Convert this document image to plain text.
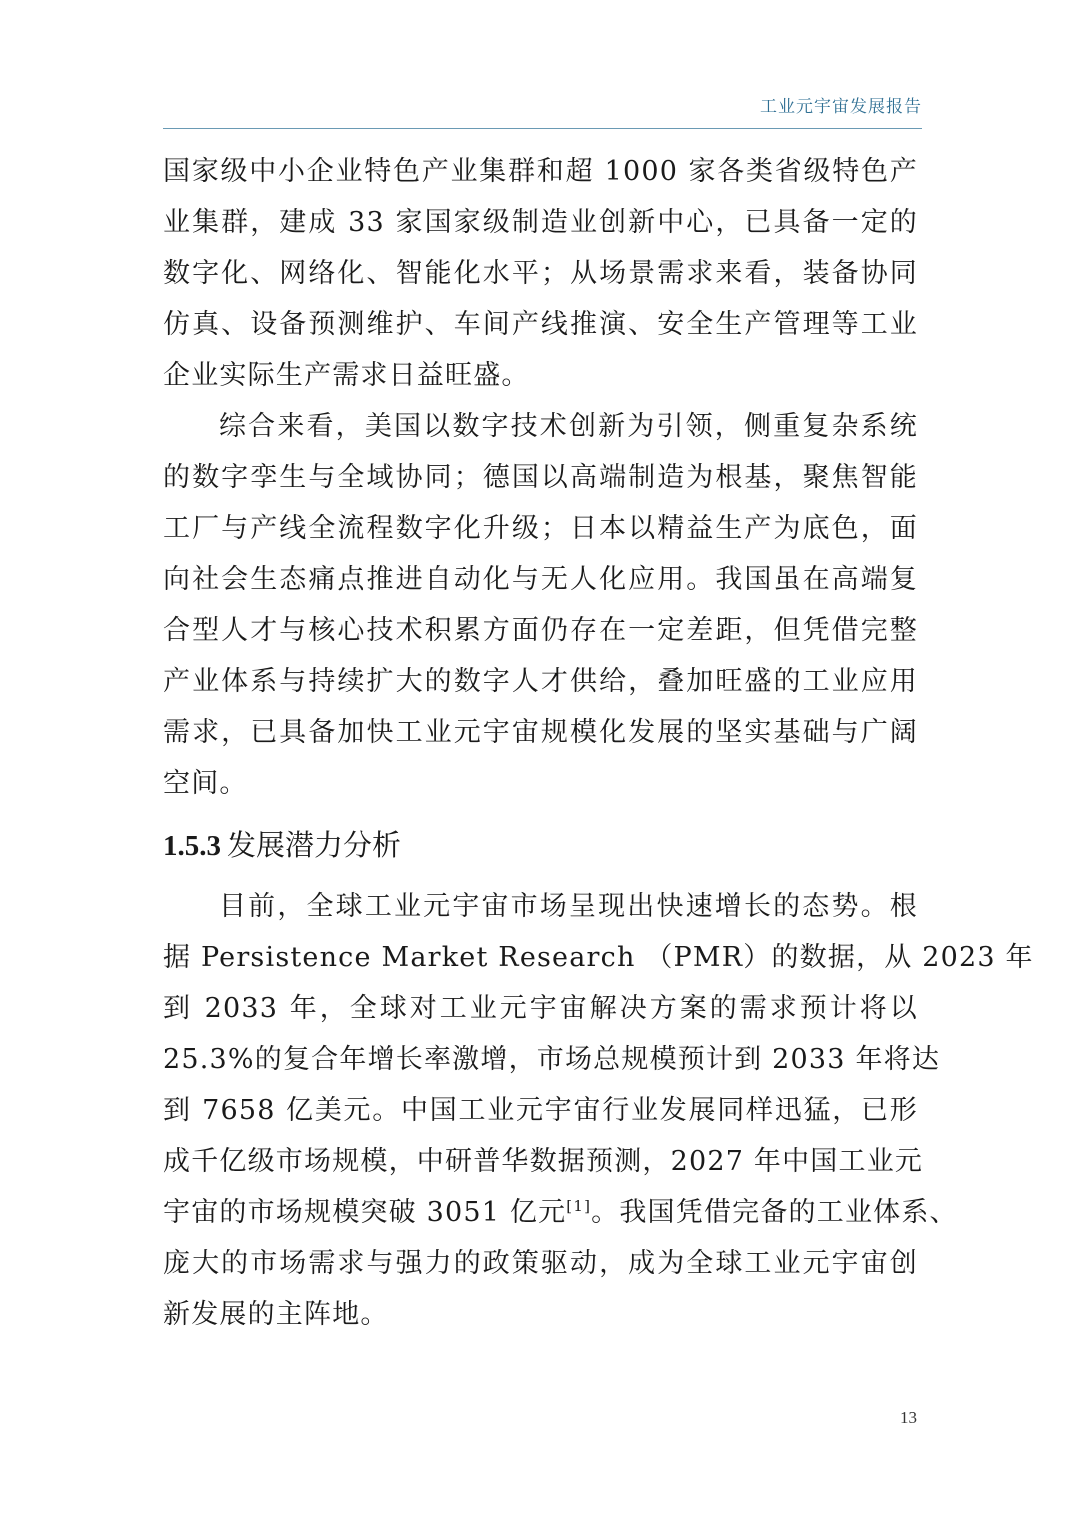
工业元宇宙发展报告
国家级中小企业特色产业集群和超 1000 家各类省级特色产
业集群，建成 33 家国家级制造业创新中心，已具备一定的
数字化、网络化、智能化水平；从场景需求来看，装备协同
仿真、设备预测维护、车间产线推演、安全生产管理等工业
企业实际生产需求日益旺盛。
综合来看，美国以数字技术创新为引领，侧重复杂系统
的数字孪生与全域协同；德国以高端制造为根基，聚焦智能
工厂与产线全流程数字化升级；日本以精益生产为底色，面
向社会生态痛点推进自动化与无人化应用。我国虽在高端复
合型人才与核心技术积累方面仍存在一定差距，但凭借完整
产业体系与持续扩大的数字人才供给，叠加旺盛的工业应用
需求，已具备加快工业元宇宙规模化发展的坚实基础与广阔
空间。
1.5.3 发展潜力分析
目前，全球工业元宇宙市场呈现出快速增长的态势。根
据 Persistence Market Research （PMR）的数据，从 2023 年
到 2033 年，全球对工业元宇宙解决方案的需求预计将以
25.3%的复合年增长率激增，市场总规模预计到 2033 年将达
到 7658 亿美元。中国工业元宇宙行业发展同样迅猛，已形
成千亿级市场规模，中研普华数据预测，2027 年中国工业元
宇宙的市场规模突破 3051 亿元[1]。我国凭借完备的工业体系、
庞大的市场需求与强力的政策驱动，成为全球工业元宇宙创
新发展的主阵地。
13
